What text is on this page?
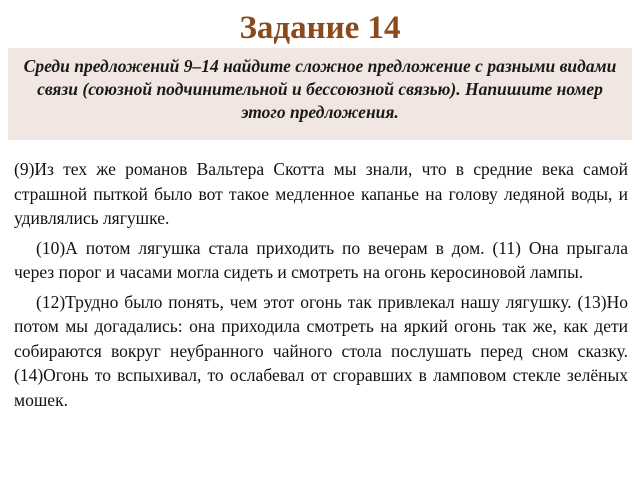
Задание 14
Среди предложений 9–14 найдите сложное предложение с разными видами связи (союзной подчинительной и бессоюзной связью). Напишите номер этого предложения.

(9)Из тех же романов Вальтера Скотта мы знали, что в средние века самой страшной пыткой было вот такое медленное капанье на голову ледяной воды, и удивлялись лягушке.

(10)А потом лягушка стала приходить по вечерам в дом. (11) Она прыгала через порог и часами могла сидеть и смотреть на огонь керосиновой лампы.

(12)Трудно было понять, чем этот огонь так привлекал нашу лягушку. (13)Но потом мы догадались: она приходила смотреть на яркий огонь так же, как дети собираются вокруг неубранного чайного стола послушать перед сном сказку. (14)Огонь то вспыхивал, то ослабевал от сгоравших в ламповом стекле зелёных мошек.
